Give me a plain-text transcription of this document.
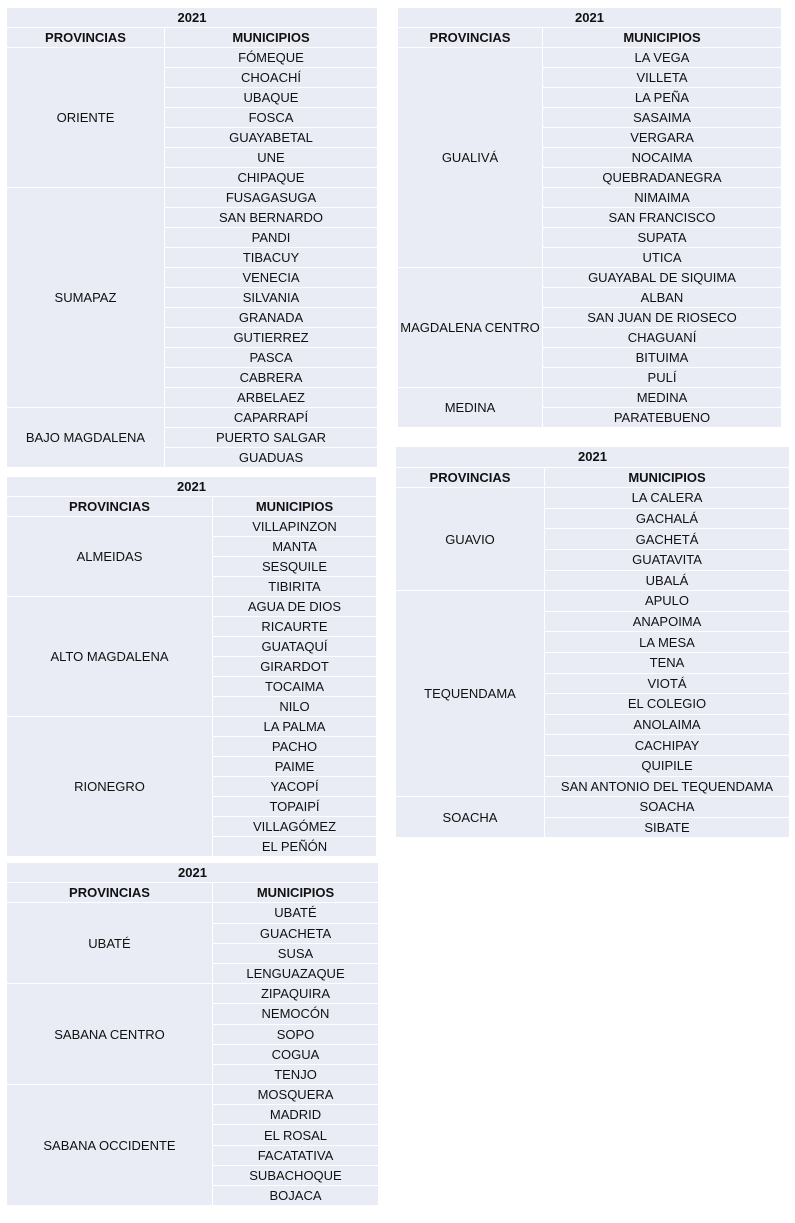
2021	
PROVINCIAS	MUNICIPIOS
ORIENTE	FÓMEQUE
	CHOACHÍ
	UBAQUE
	FOSCA
	GUAYABETAL
	UNE
	CHIPAQUE
SUMAPAZ	FUSAGASUGA
	SAN BERNARDO
	PANDI
	TIBACUY
	VENECIA
	SILVANIA
	GRANADA
	GUTIERREZ
	PASCA
	CABRERA
	ARBELAEZ
BAJO MAGDALENA	CAPARRAPÍ
	PUERTO SALGAR
	GUADUAS
2021	
PROVINCIAS	MUNICIPIOS
GUALIVÁ	LA VEGA
	VILLETA
	LA PEÑA
	SASAIMA
	VERGARA
	NOCAIMA
	QUEBRADANEGRA
	NIMAIMA
	SAN FRANCISCO
	SUPATA
	UTICA
MAGDALENA CENTRO	GUAYABAL DE SIQUIMA
	ALBAN
	SAN JUAN DE RIOSECO
	CHAGUANÍ
	BITUIMA
	PULÍ
MEDINA	MEDINA
	PARATEBUENO
2021	
PROVINCIAS	MUNICIPIOS
ALMEIDAS	VILLAPINZON
	MANTA
	SESQUILE
	TIBIRITA
ALTO MAGDALENA	AGUA DE DIOS
	RICAURTE
	GUATAQUÍ
	GIRARDOT
	TOCAIMA
	NILO
RIONEGRO	LA PALMA
	PACHO
	PAIME
	YACOPÍ
	TOPAIPÍ
	VILLAGÓMEZ
	EL PEÑÓN
2021	
PROVINCIAS	MUNICIPIOS
GUAVIO	LA CALERA
	GACHALÁ
	GACHETÁ
	GUATAVITA
	UBALÁ
TEQUENDAMA	APULO
	ANAPOIMA
	LA MESA
	TENA
	VIOTÁ
	EL COLEGIO
	ANOLAIMA
	CACHIPAY
	QUIPILE
	SAN ANTONIO DEL TEQUENDAMA
SOACHA	SOACHA
	SIBATE
2021	
PROVINCIAS	MUNICIPIOS
UBATÉ	UBATÉ
	GUACHETA
	SUSA
	LENGUAZAQUE
SABANA CENTRO	ZIPAQUIRA
	NEMOCÓN
	SOPO
	COGUA
	TENJO
SABANA OCCIDENTE	MOSQUERA
	MADRID
	EL ROSAL
	FACATATIVA
	SUBACHOQUE
	BOJACA
